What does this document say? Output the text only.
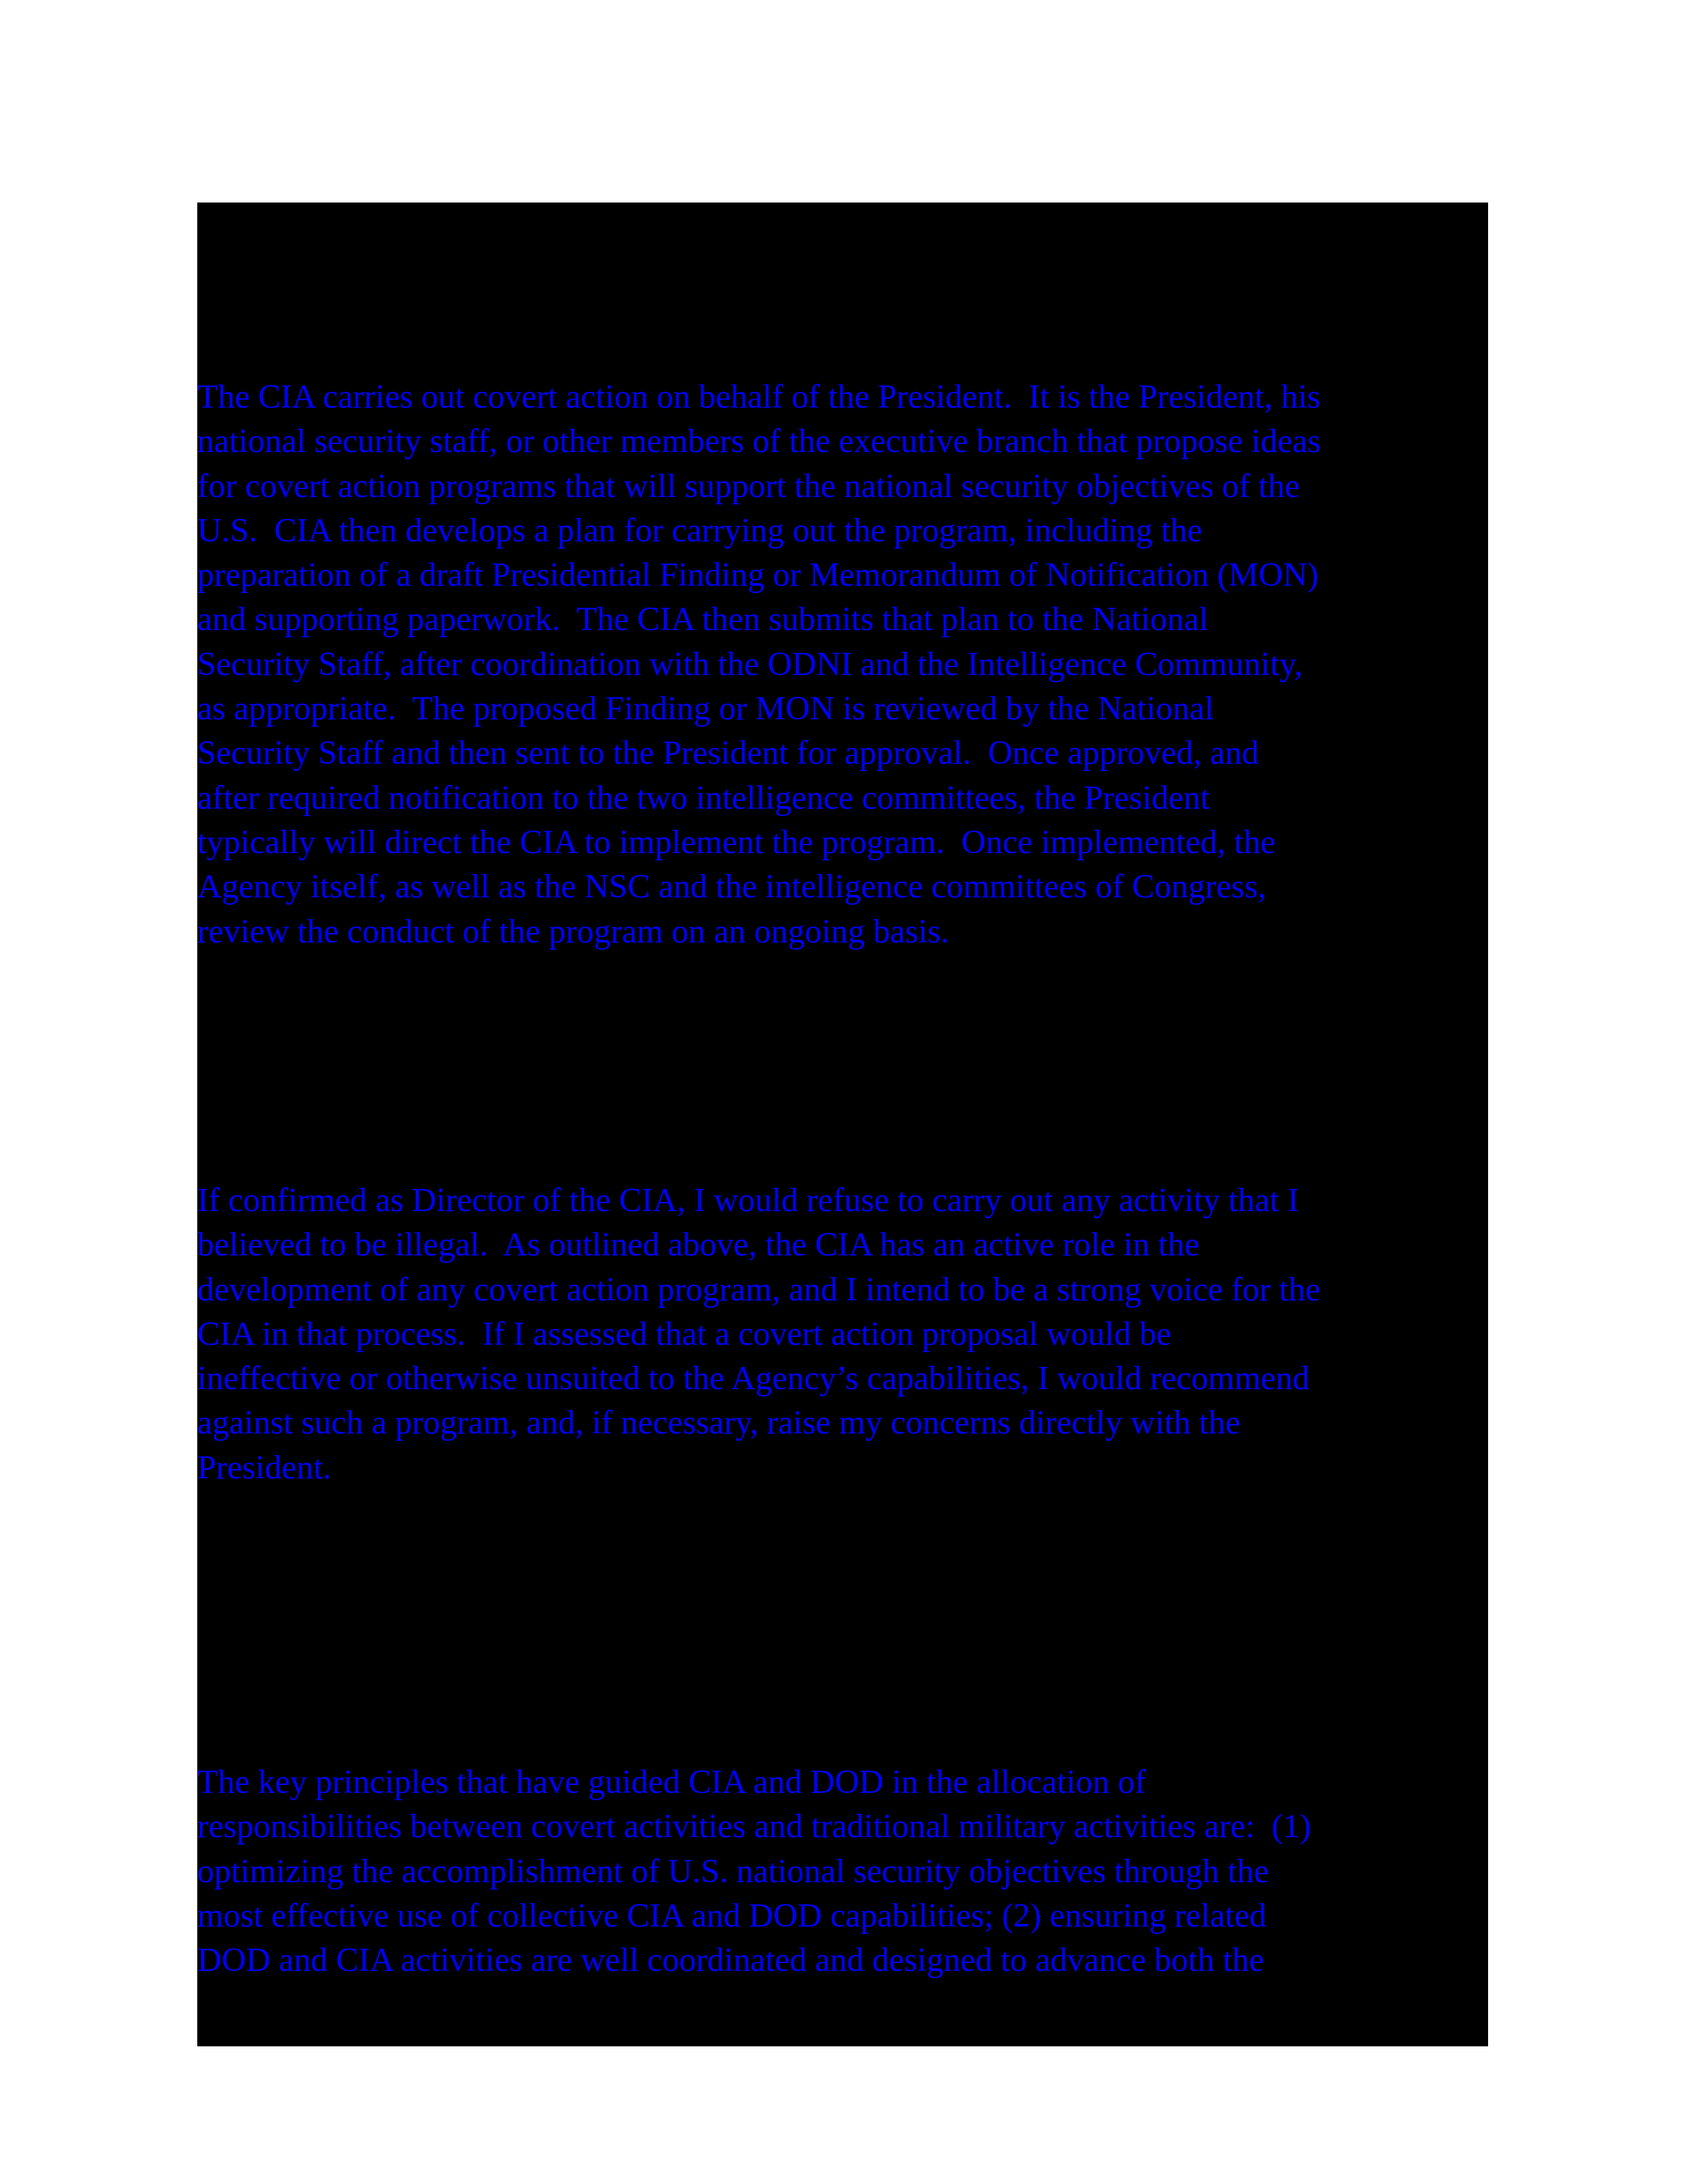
The CIA carries out covert action on behalf of the President.  It is the President, his
national security staff, or other members of the executive branch that propose ideas
for covert action programs that will support the national security objectives of the
U.S.  CIA then develops a plan for carrying out the program, including the
preparation of a draft Presidential Finding or Memorandum of Notification (MON)
and supporting paperwork.  The CIA then submits that plan to the National
Security Staff, after coordination with the ODNI and the Intelligence Community,
as appropriate.  The proposed Finding or MON is reviewed by the National
Security Staff and then sent to the President for approval.  Once approved, and
after required notification to the two intelligence committees, the President
typically will direct the CIA to implement the program.  Once implemented, the
Agency itself, as well as the NSC and the intelligence committees of Congress,
review the conduct of the program on an ongoing basis.

If confirmed as Director of the CIA, I would refuse to carry out any activity that I
believed to be illegal.  As outlined above, the CIA has an active role in the
development of any covert action program, and I intend to be a strong voice for the
CIA in that process.  If I assessed that a covert action proposal would be
ineffective or otherwise unsuited to the Agency’s capabilities, I would recommend
against such a program, and, if necessary, raise my concerns directly with the
President.

The key principles that have guided CIA and DOD in the allocation of
responsibilities between covert activities and traditional military activities are:  (1)
optimizing the accomplishment of U.S. national security objectives through the
most effective use of collective CIA and DOD capabilities; (2) ensuring related
DOD and CIA activities are well coordinated and designed to advance both the
